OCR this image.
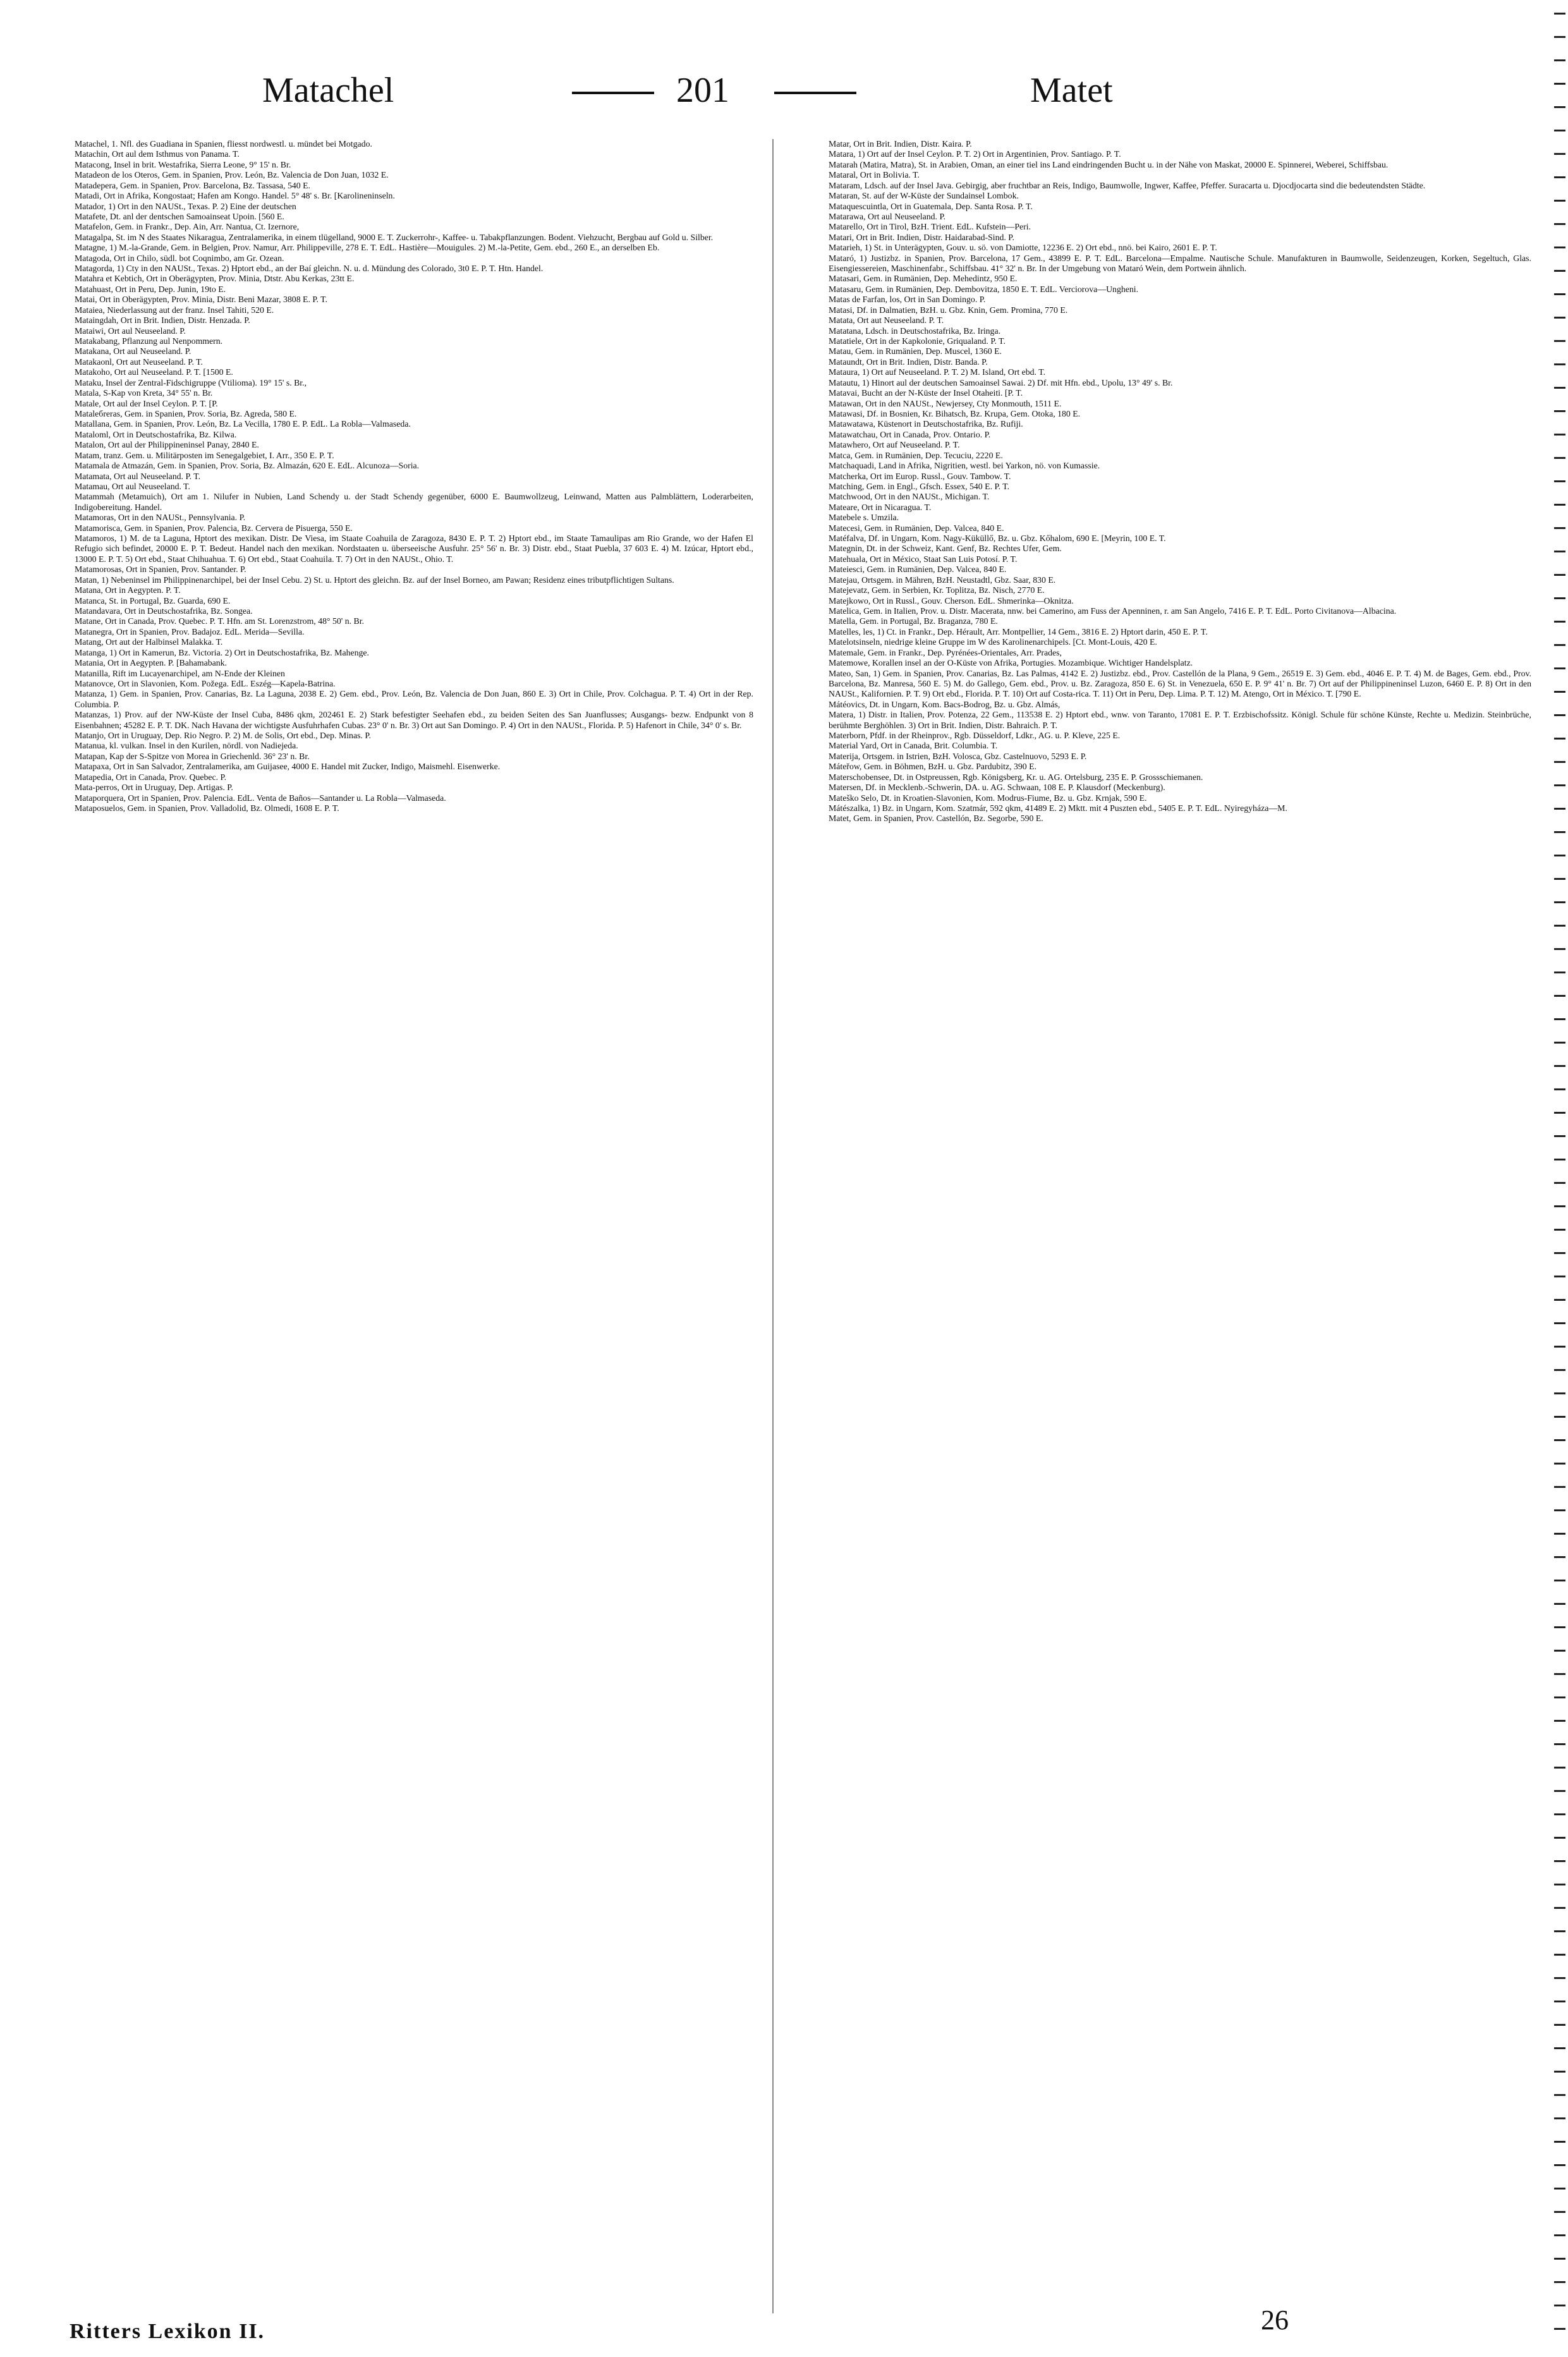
Matachel	201	Matet

Matachel, 1. Nfl. des Guadiana in Spanien, fliesst nordwestl. u. mündet bei Motgado.

Matachin, Ort aul dem Isthmus von Panama. T.

Matacong, Insel in brit. Westafrika, Sierra Leone, 9° 15' n. Br.

Matadeon de los Oteros, Gem. in Spanien, Prov. León, Bz. Valencia de Don Juan, 1032 E.

Matadepera, Gem. in Spanien, Prov. Barcelona, Bz. Tassasa, 540 E.

Matadi, Ort in Afrika, Kongostaat; Hafen am Kongo. Handel. 5° 48' s. Br. [Karolineninseln.

Matador, 1) Ort in den NAUSt., Texas. P. 2) Eine der deutschen

Matafete, Dt. anl der dentschen Samoainseat Upoin. [560 E.

Matafelon, Gem. in Frankr., Dep. Ain, Arr. Nantua, Ct. Izernore,

Matagalpa, St. im N des Staates Nikaragua, Zentralamerika, in einem tlügelland, 9000 E. T. Zuckerrohr-, Kaffee- u. Tabakpflanzungen. Bodent. Viehzucht, Bergbau auf Gold u. Silber.

Matagne, 1) M.-la-Grande, Gem. in Belgien, Prov. Namur, Arr. Philippeville, 278 E. T. EdL. Hastière—Mouigules. 2) M.-la-Petite, Gem. ebd., 260 E., an derselben Eb.

Matagoda, Ort in Chilo, südl. bot Coqnimbo, am Gr. Ozean.

Matagorda, 1) Cty in den NAUSt., Texas. 2) Hptort ebd., an der Baí gleichn. N. u. d. Mündung des Colorado, 3t0 E. P. T. Htn. Handel.

Matahra et Kebtich, Ort in Oberägypten, Prov. Minia, Dtstr. Abu Kerkas, 23tt E.

Matahuast, Ort in Peru, Dep. Junin, 19to E.

Matai, Ort in Oberägypten, Prov. Minia, Distr. Beni Mazar, 3808 E. P. T.

Mataiea, Niederlassung aut der franz. Insel Tahiti, 520 E.

Mataingdah, Ort in Brit. Indien, Distr. Henzada. P.

Mataiwi, Ort aul Neuseeland. P.

Matakabang, Pflanzung aul Nenpommern.

Matakana, Ort aul Neuseeland. P.

Matakaonl, Ort aut Neuseeland. P. T.

Matakoho, Ort aul Neuseeland. P. T. [1500 E.

Mataku, Insel der Zentral-Fidschigruppe (Vtilioma). 19° 15' s. Br.,

Matala, S-Kap von Kreta, 34° 55' n. Br.

Matale, Ort aul der Insel Ceylon. P. T. [P.

Mataleбreras, Gem. in Spanien, Prov. Soria, Bz. Agreda, 580 E.

Matallana, Gem. in Spanien, Prov. León, Bz. La Vecilla, 1780 E. P. EdL. La Robla—Valmaseda.

Mataloml, Ort in Deutschostafrika, Bz. Kilwa.

Matalon, Ort aul der Philippineninsel Panay, 2840 E.

Matam, tranz. Gem. u. Militärposten im Senegalgebiet, I. Arr., 350 E. P. T.

Matamala de Atmazán, Gem. in Spanien, Prov. Soria, Bz. Almazán, 620 E. EdL. Alcunoza—Soria.

Matamata, Ort aul Neuseeland. P. T.

Matamau, Ort aul Neuseeland. T.

Matammah (Metamuich), Ort am 1. Nilufer in Nubien, Land Schendy u. der Stadt Schendy gegenüber, 6000 E. Baumwollzeug, Leinwand, Matten aus Palmblättern, Loderarbeiten, Indigobereitung. Handel.

Matamoras, Ort in den NAUSt., Pennsylvania. P.

Matamorisca, Gem. in Spanien, Prov. Palencia, Bz. Cervera de Pisuerga, 550 E.

Matamoros, 1) M. de ta Laguna, Hptort des mexikan. Distr. De Viesa, im Staate Coahuila de Zaragoza, 8430 E. P. T. 2) Hptort ebd., im Staate Tamaulipas am Rio Grande, wo der Hafen El Refugio sich befindet, 20000 E. P. T. Bedeut. Handel nach den mexikan. Nordstaaten u. überseeische Ausfuhr. 25° 56' n. Br. 3) Distr. ebd., Staat Puebla, 37 603 E. 4) M. Izúcar, Hptort ebd., 13000 E. P. T. 5) Ort ebd., Staat Chihuahua. T. 6) Ort ebd., Staat Coahuila. T. 7) Ort in den NAUSt., Ohio. T.

Matamorosas, Ort in Spanien, Prov. Santander. P.

Matan, 1) Nebeninsel im Philippinenarchipel, bei der Insel Cebu. 2) St. u. Hptort des gleichn. Bz. auf der Insel Borneo, am Pawan; Residenz eines tributpflichtigen Sultans.

Matana, Ort in Aegypten. P. T.

Matanca, St. in Portugal, Bz. Guarda, 690 E.

Matandavara, Ort in Deutschostafrika, Bz. Songea.

Matane, Ort in Canada, Prov. Quebec. P. T. Hfn. am St. Lorenzstrom, 48° 50' n. Br.

Matanegra, Ort in Spanien, Prov. Badajoz. EdL. Merida—Sevilla.

Matang, Ort aut der Halbinsel Malakka. T.

Matanga, 1) Ort in Kamerun, Bz. Victoria. 2) Ort in Deutschostafrika, Bz. Mahenge.

Matania, Ort in Aegypten. P. [Bahamabank.

Matanilla, Rift im Lucayenarchipel, am N-Ende der Kleinen

Matanovce, Ort in Slavonien, Kom. Požega. EdL. Eszég—Kapela-Batrina.

Matanza, 1) Gem. in Spanien, Prov. Canarias, Bz. La Laguna, 2038 E. 2) Gem. ebd., Prov. León, Bz. Valencia de Don Juan, 860 E. 3) Ort in Chile, Prov. Colchagua. P. T. 4) Ort in der Rep. Columbia. P.

Matanzas, 1) Prov. auf der NW-Küste der Insel Cuba, 8486 qkm, 202461 E. 2) Stark befestigter Seehafen ebd., zu beiden Seiten des San Juanflusses; Ausgangs- bezw. Endpunkt von 8 Eisenbahnen; 45282 E. P. T. DK. Nach Havana der wichtigste Ausfuhrhafen Cubas. 23° 0' n. Br. 3) Ort aut San Domingo. P. 4) Ort in den NAUSt., Florida. P. 5) Hafenort in Chile, 34° 0' s. Br.

Matanjo, Ort in Uruguay, Dep. Rio Negro. P. 2) M. de Solis, Ort ebd., Dep. Minas. P.

Matanua, kl. vulkan. Insel in den Kurilen, nördl. von Nadiejeda.

Matapan, Kap der S-Spitze von Morea in Griechenld. 36° 23' n. Br.

Matapaxa, Ort in San Salvador, Zentralamerika, am Guijasee, 4000 E. Handel mit Zucker, Indigo, Maismehl. Eisenwerke.

Matapedia, Ort in Canada, Prov. Quebec. P.

Mata-perros, Ort in Uruguay, Dep. Artigas. P.

Mataporquera, Ort in Spanien, Prov. Palencia. EdL. Venta de Baños—Santander u. La Robla—Valmaseda.

Mataposuelos, Gem. in Spanien, Prov. Valladolid, Bz. Olmedi, 1608 E. P. T.

Matar, Ort in Brit. Indien, Distr. Kaira. P.

Matara, 1) Ort auf der Insel Ceylon. P. T. 2) Ort in Argentinien, Prov. Santiago. P. T.

Matarah (Matira, Matra), St. in Arabien, Oman, an einer tiel ins Land eindringenden Bucht u. in der Nähe von Maskat, 20000 E. Spinnerei, Weberei, Schiffsbau.

Mataral, Ort in Bolivia. T.

Mataram, Ldsch. auf der Insel Java. Gebirgig, aber fruchtbar an Reis, Indigo, Baumwolle, Ingwer, Kaffee, Pfeffer. Suracarta u. Djocdjocarta sind die bedeutendsten Städte.

Mataran, St. auf der W-Küste der Sundainsel Lombok.

Mataquescuintla, Ort in Guatemala, Dep. Santa Rosa. P. T.

Matarawa, Ort aul Neuseeland. P.

Matarello, Ort in Tirol, BzH. Trient. EdL. Kufstein—Peri.

Matari, Ort in Brit. Indien, Distr. Haidarabad-Sind. P.

Matarieh, 1) St. in Unterägypten, Gouv. u. sö. von Damiotte, 12236 E. 2) Ort ebd., nnö. bei Kairo, 2601 E. P. T.

Mataró, 1) Justizbz. in Spanien, Prov. Barcelona, 17 Gem., 43899 E. P. T. EdL. Barcelona—Empalme. Nautische Schule. Manufakturen in Baumwolle, Seidenzeugen, Korken, Segeltuch, Glas. Eisengiessereien, Maschinenfabr., Schiffsbau. 41° 32' n. Br. In der Umgebung von Mataró Wein, dem Portwein ähnlich.

Matasari, Gem. in Rumänien, Dep. Mehedintz, 950 E.

Matasaru, Gem. in Rumänien, Dep. Dembovitza, 1850 E. T. EdL. Verciorova—Ungheni.

Matas de Farfan, los, Ort in San Domingo. P.

Matasi, Df. in Dalmatien, BzH. u. Gbz. Knin, Gem. Promina, 770 E.

Matata, Ort aut Neuseeland. P. T.

Matatana, Ldsch. in Deutschostafrika, Bz. Iringa.

Matatiele, Ort in der Kapkolonie, Griqualand. P. T.

Matau, Gem. in Rumänien, Dep. Muscel, 1360 E.

Mataundt, Ort in Brit. Indien, Distr. Banda. P.

Mataura, 1) Ort auf Neuseeland. P. T. 2) M. Island, Ort ebd. T.

Matautu, 1) Hinort aul der deutschen Samoainsel Sawai. 2) Df. mit Hfn. ebd., Upolu, 13° 49' s. Br.

Matavai, Bucht an der N-Küste der Insel Otaheiti. [P. T.

Matawan, Ort in den NAUSt., Newjersey, Cty Monmouth, 1511 E.

Matawasi, Df. in Bosnien, Kr. Bihatsch, Bz. Krupa, Gem. Otoka, 180 E.

Matawatawa, Küstenort in Deutschostafrika, Bz. Rufiji.

Matawatchau, Ort in Canada, Prov. Ontario. P.

Matawhero, Ort auf Neuseeland. P. T.

Matca, Gem. in Rumänien, Dep. Tecuciu, 2220 E.

Matchaquadi, Land in Afrika, Nigritien, westl. bei Yarkon, nö. von Kumassie.

Matcherka, Ort im Europ. Russl., Gouv. Tambow. T.

Matching, Gem. in Engl., Gfsch. Essex, 540 E. P. T.

Matchwood, Ort in den NAUSt., Michigan. T.

Mateare, Ort in Nicaragua. T.

Matebele s. Umzila.

Matecesi, Gem. in Rumänien, Dep. Valcea, 840 E.

Matéfalva, Df. in Ungarn, Kom. Nagy-Küküllő, Bz. u. Gbz. Kőhalom, 690 E. [Meyrin, 100 E. T.

Mategnin, Dt. in der Schweiz, Kant. Genf, Bz. Rechtes Ufer, Gem.

Matehuala, Ort in México, Staat San Luis Potosí. P. T.

Mateiesci, Gem. in Rumänien, Dep. Valcea, 840 E.

Matejau, Ortsgem. in Mähren, BzH. Neustadtl, Gbz. Saar, 830 E.

Matejevatz, Gem. in Serbien, Kr. Toplitza, Bz. Nisch, 2770 E.

Matejkowo, Ort in Russl., Gouv. Cherson. EdL. Shmerinka—Oknitza.

Matelica, Gem. in Italien, Prov. u. Distr. Macerata, nnw. bei Camerino, am Fuss der Apenninen, r. am San Angelo, 7416 E. P. T. EdL. Porto Civitanova—Albacina.

Matella, Gem. in Portugal, Bz. Braganza, 780 E.

Matelles, les, 1) Ct. in Frankr., Dep. Hérault, Arr. Montpellier, 14 Gem., 3816 E. 2) Hptort darin, 450 E. P. T.

Matelotsinseln, niedrige kleine Gruppe im W des Karolinenarchipels. [Ct. Mont-Louis, 420 E.

Matemale, Gem. in Frankr., Dep. Pyrénées-Orientales, Arr. Prades,

Matemowe, Korallen insel an der O-Küste von Afrika, Portugies. Mozambique. Wichtiger Handelsplatz.

Mateo, San, 1) Gem. in Spanien, Prov. Canarias, Bz. Las Palmas, 4142 E. 2) Justizbz. ebd., Prov. Castellón de la Plana, 9 Gem., 26519 E. 3) Gem. ebd., 4046 E. P. T. 4) M. de Bages, Gem. ebd., Prov. Barcelona, Bz. Manresa, 560 E. 5) M. do Gallego, Gem. ebd., Prov. u. Bz. Zaragoza, 850 E. 6) St. in Venezuela, 650 E. P. 9° 41' n. Br. 7) Ort auf der Philippineninsel Luzon, 6460 E. P. 8) Ort in den NAUSt., Kalifornien. P. T. 9) Ort ebd., Florida. P. T. 10) Ort auf Costa-rica. T. 11) Ort in Peru, Dep. Lima. P. T. 12) M. Atengo, Ort in México. T. [790 E.

Mátéovics, Dt. in Ungarn, Kom. Bacs-Bodrog, Bz. u. Gbz. Almás,

Matera, 1) Distr. in Italien, Prov. Potenza, 22 Gem., 113538 E. 2) Hptort ebd., wnw. von Taranto, 17081 E. P. T. Erzbischofssitz. Königl. Schule für schöne Künste, Rechte u. Medizin. Steinbrüche, berühmte Berghöhlen. 3) Ort in Brit. Indien, Distr. Bahraich. P. T.

Materborn, Pfdf. in der Rheinprov., Rgb. Düsseldorf, Ldkr., AG. u. P. Kleve, 225 E.

Material Yard, Ort in Canada, Brit. Columbia. T.

Materija, Ortsgem. in Istrien, BzH. Volosca, Gbz. Castelnuovo, 5293 E. P.

Máteřow, Gem. in Böhmen, BzH. u. Gbz. Pardubitz, 390 E.

Materschobensee, Dt. in Ostpreussen, Rgb. Königsberg, Kr. u. AG. Ortelsburg, 235 E. P. Grossschiemanen.

Matersen, Df. in Mecklenb.-Schwerin, DA. u. AG. Schwaan, 108 E. P. Klausdorf (Meckenburg).

Mateško Selo, Dt. in Kroatien-Slavonien, Kom. Modrus-Fiume, Bz. u. Gbz. Krnjak, 590 E.

Mátészalka, 1) Bz. in Ungarn, Kom. Szatmár, 592 qkm, 41489 E. 2) Mktt. mit 4 Puszten ebd., 5405 E. P. T. EdL. Nyiregyháza—M.

Matet, Gem. in Spanien, Prov. Castellón, Bz. Segorbe, 590 E.

Ritters Lexikon II.	26
